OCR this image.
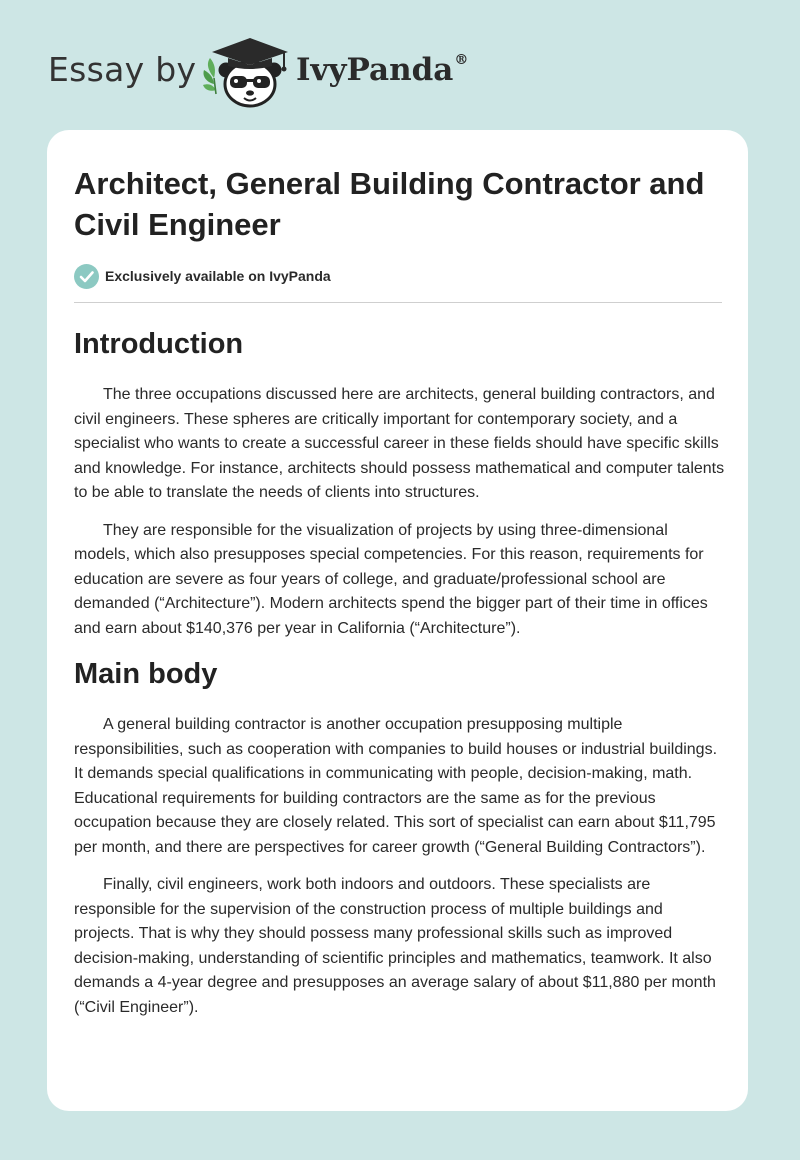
Essay by	IvyPanda®
Architect, General Building Contractor and Civil Engineer
Exclusively available on IvyPanda
Introduction

The three occupations discussed here are architects, general building contractors, and civil engineers. These spheres are critically important for contemporary society, and a specialist who wants to create a successful career in these fields should have specific skills and knowledge. For instance, architects should possess mathematical and computer talents to be able to translate the needs of clients into structures.

They are responsible for the visualization of projects by using three-dimensional models, which also presupposes special competencies. For this reason, requirements for education are severe as four years of college, and graduate/professional school are demanded (“Architecture”). Modern architects spend the bigger part of their time in offices and earn about $140,376 per year in California (“Architecture”).

Main body

A general building contractor is another occupation presupposing multiple responsibilities, such as cooperation with companies to build houses or industrial buildings. It demands special qualifications in communicating with people, decision-making, math. Educational requirements for building contractors are the same as for the previous occupation because they are closely related. This sort of specialist can earn about $11,795 per month, and there are perspectives for career growth (“General Building Contractors”).

Finally, civil engineers, work both indoors and outdoors. These specialists are responsible for the supervision of the construction process of multiple buildings and projects. That is why they should possess many professional skills such as improved decision-making, understanding of scientific principles and mathematics, teamwork. It also demands a 4-year degree and presupposes an average salary of about $11,880 per month (“Civil Engineer”).
